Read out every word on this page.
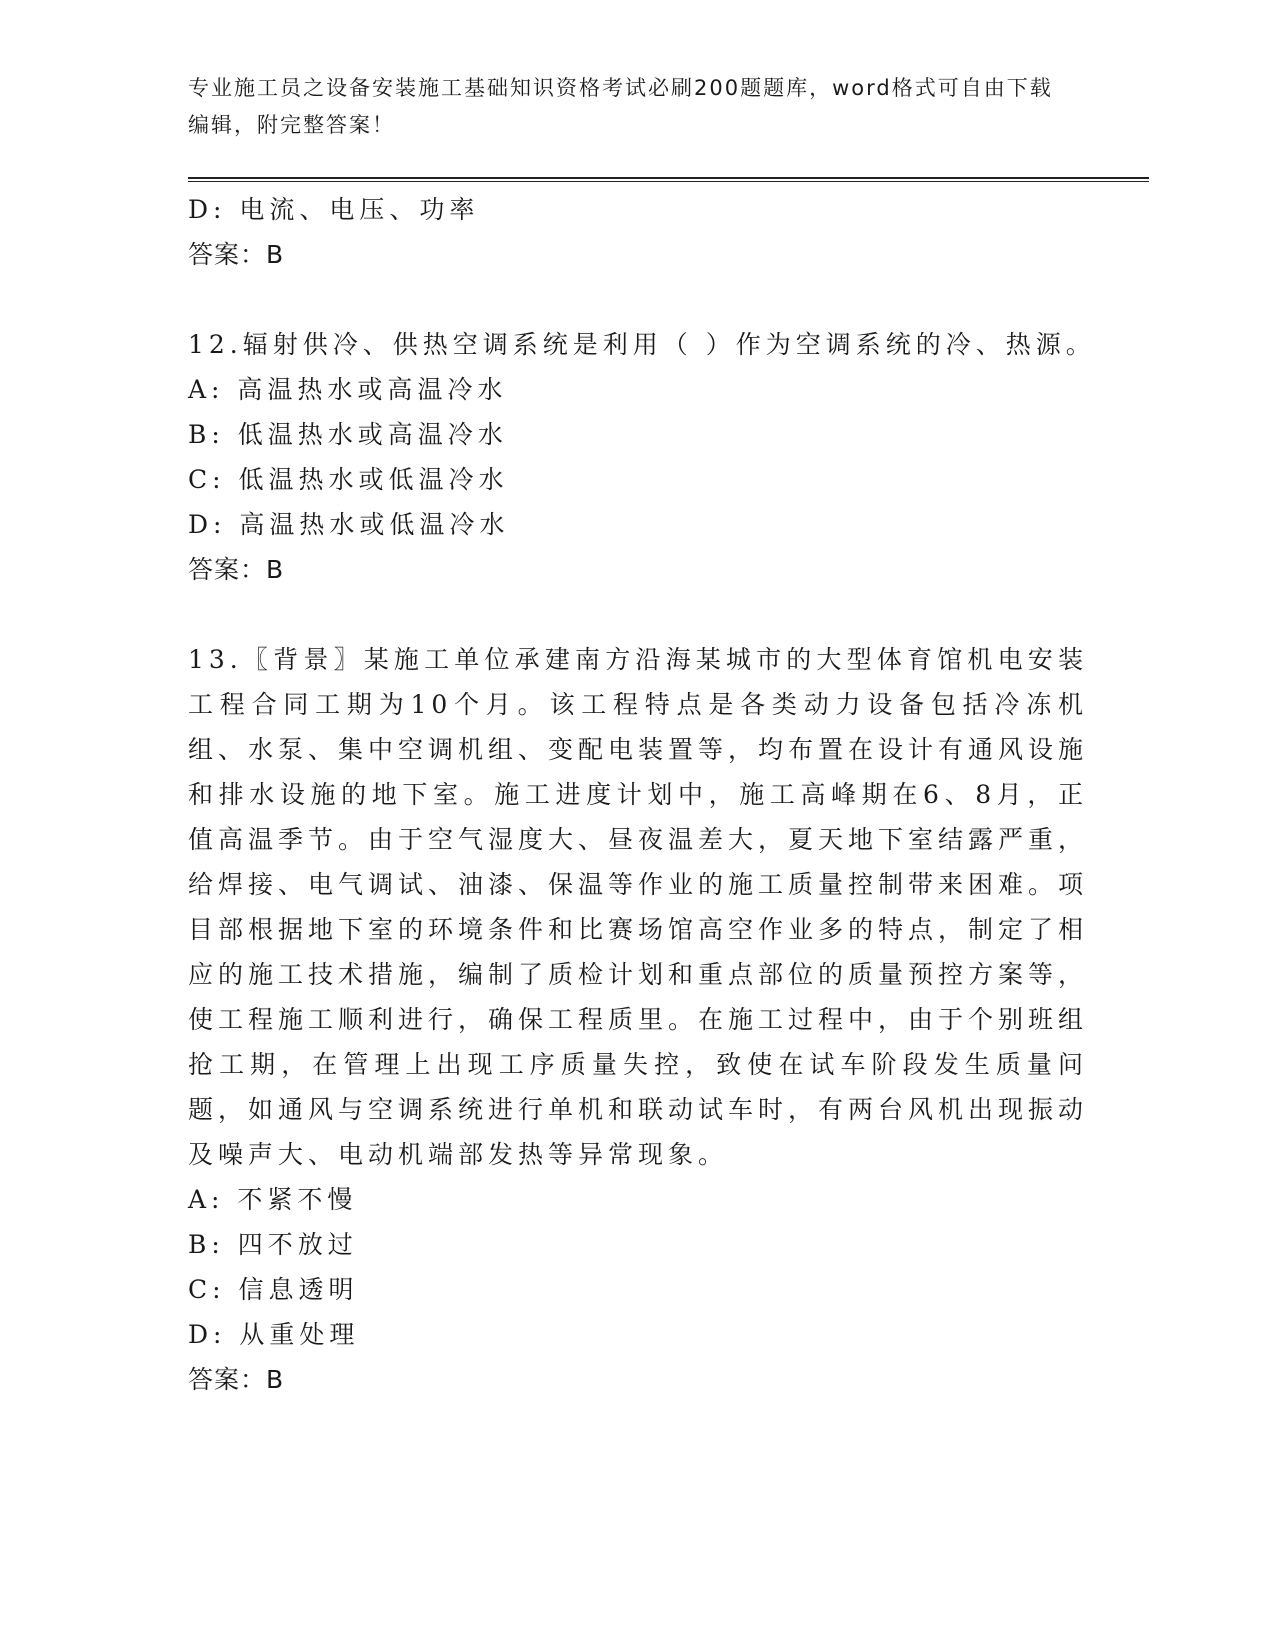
专业施工员之设备安装施工基础知识资格考试必刷200题题库，word格式可自由下载编辑，附完整答案！
D: 电流、电压、功率
答案：B
12.辐射供冷、供热空调系统是利用（ ）作为空调系统的冷、热源。
A: 高温热水或高温冷水
B: 低温热水或高温冷水
C: 低温热水或低温冷水
D: 高温热水或低温冷水
答案：B
13.〖背景〗某施工单位承建南方沿海某城市的大型体育馆机电安装工程合同工期为10个月。该工程特点是各类动力设备包括冷冻机组、水泵、集中空调机组、变配电装置等，均布置在设计有通风设施和排水设施的地下室。施工进度计划中，施工高峰期在6、8月，正值高温季节。由于空气湿度大、昼夜温差大，夏天地下室结露严重，给焊接、电气调试、油漆、保温等作业的施工质量控制带来困难。项目部根据地下室的环境条件和比赛场馆高空作业多的特点，制定了相应的施工技术措施，编制了质检计划和重点部位的质量预控方案等，使工程施工顺利进行，确保工程质里。在施工过程中，由于个别班组抢工期，在管理上出现工序质量失控，致使在试车阶段发生质量问题，如通风与空调系统进行单机和联动试车时，有两台风机出现振动及噪声大、电动机端部发热等异常现象。
A: 不紧不慢
B: 四不放过
C: 信息透明
D: 从重处理
答案：B
